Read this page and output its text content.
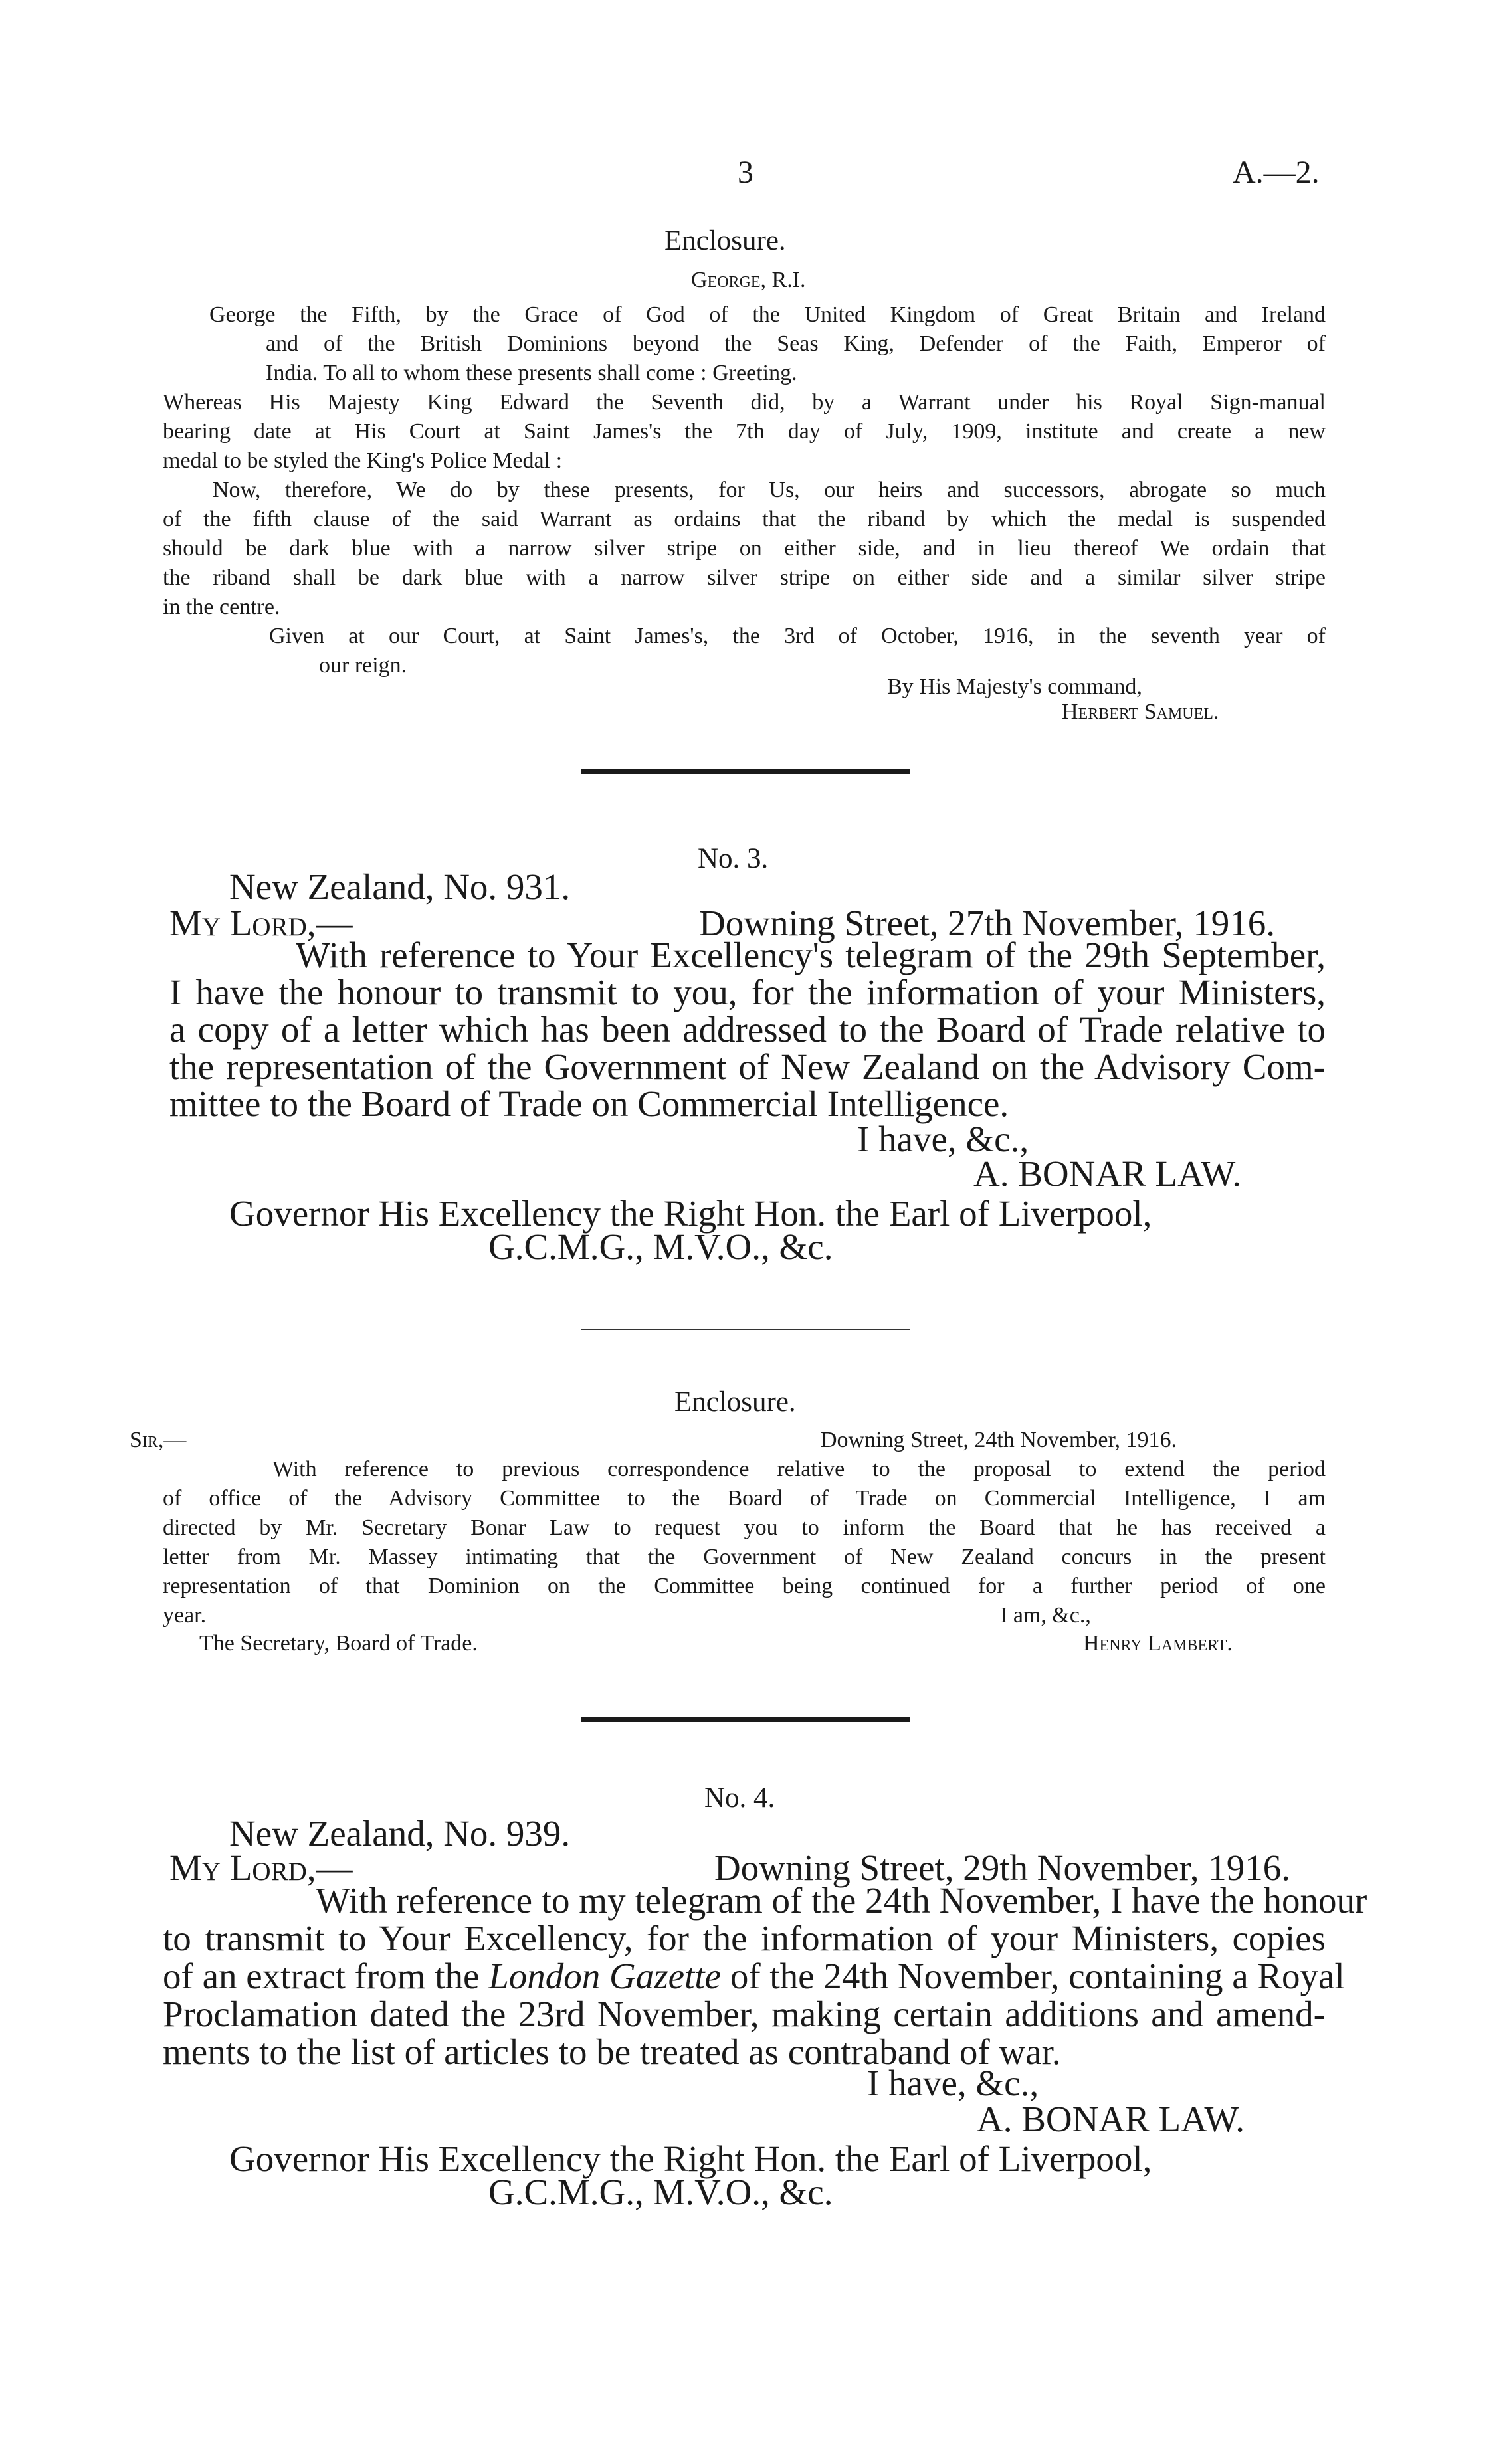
3	A.—2.
Enclosure.
George, R.I.
George the Fifth, by the Grace of God of the United Kingdom of Great Britain and Ireland
and of the British Dominions beyond the Seas King, Defender of the Faith, Emperor of
India. To all to whom these presents shall come : Greeting.
Whereas His Majesty King Edward the Seventh did, by a Warrant under his Royal Sign-manual
bearing date at His Court at Saint James's the 7th day of July, 1909, institute and create a new
medal to be styled the King's Police Medal :
Now, therefore, We do by these presents, for Us, our heirs and successors, abrogate so much
of the fifth clause of the said Warrant as ordains that the riband by which the medal is suspended
should be dark blue with a narrow silver stripe on either side, and in lieu thereof We ordain that
the riband shall be dark blue with a narrow silver stripe on either side and a similar silver stripe
in the centre.
Given at our Court, at Saint James's, the 3rd of October, 1916, in the seventh year of
our reign.
By His Majesty's command,
Herbert Samuel.
No. 3.
New Zealand, No. 931.
My Lord,—	Downing Street, 27th November, 1916.
With reference to Your Excellency's telegram of the 29th September,
I have the honour to transmit to you, for the information of your Ministers,
a copy of a letter which has been addressed to the Board of Trade relative to
the representation of the Government of New Zealand on the Advisory Com-
mittee to the Board of Trade on Commercial Intelligence.
I have, &c.,
A. BONAR LAW.
Governor His Excellency the Right Hon. the Earl of Liverpool,
G.C.M.G., M.V.O., &c.
Enclosure.
Sir,—	Downing Street, 24th November, 1916.
With reference to previous correspondence relative to the proposal to extend the period
of office of the Advisory Committee to the Board of Trade on Commercial Intelligence, I am
directed by Mr. Secretary Bonar Law to request you to inform the Board that he has received a
letter from Mr. Massey intimating that the Government of New Zealand concurs in the present
representation of that Dominion on the Committee being continued for a further period of one
year.	I am, &c.,
The Secretary, Board of Trade.	Henry Lambert.
No. 4.
New Zealand, No. 939.
My Lord,—	Downing Street, 29th November, 1916.
With reference to my telegram of the 24th November, I have the honour
to transmit to Your Excellency, for the information of your Ministers, copies
of an extract from the London Gazette of the 24th November, containing a Royal
Proclamation dated the 23rd November, making certain additions and amend-
ments to the list of articles to be treated as contraband of war.
I have, &c.,
A. BONAR LAW.
Governor His Excellency the Right Hon. the Earl of Liverpool,
G.C.M.G., M.V.O., &c.
